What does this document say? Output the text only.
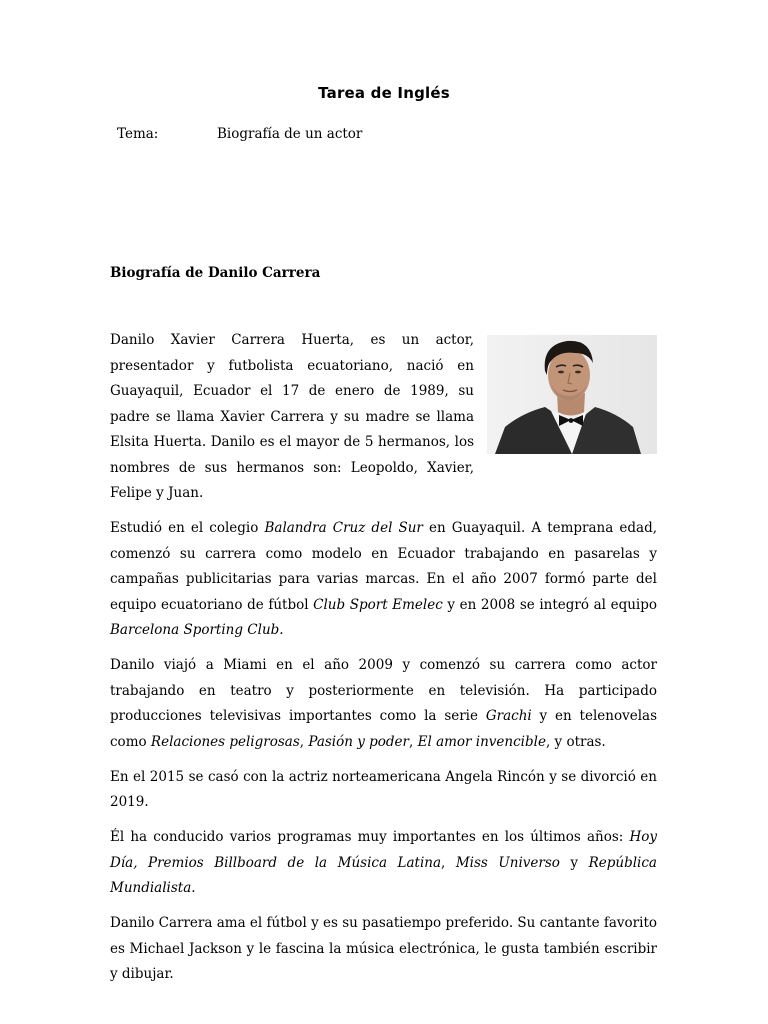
Tarea de Inglés
Tema:	Biografía de un actor
Biografía de Danilo Carrera

Danilo Xavier Carrera Huerta, es un actor, presentador y futbolista ecuatoriano, nació en Guayaquil, Ecuador el 17 de enero de 1989, su padre se llama Xavier Carrera y su madre se llama Elsita Huerta. Danilo es el mayor de 5 hermanos, los nombres de sus hermanos son: Leopoldo, Xavier, Felipe y Juan.

Estudió en el colegio Balandra Cruz del Sur en Guayaquil. A temprana edad, comenzó su carrera como modelo en Ecuador trabajando en pasarelas y campañas publicitarias para varias marcas. En el año 2007 formó parte del equipo ecuatoriano de fútbol Club Sport Emelec y en 2008 se integró al equipo Barcelona Sporting Club.

Danilo viajó a Miami en el año 2009 y comenzó su carrera como actor trabajando en teatro y posteriormente en televisión. Ha participado producciones televisivas importantes como la serie Grachi y en telenovelas como Relaciones peligrosas, Pasión y poder, El amor invencible, y otras.

En el 2015 se casó con la actriz norteamericana Angela Rincón y se divorció en 2019.

Él ha conducido varios programas muy importantes en los últimos años: Hoy Día, Premios Billboard de la Música Latina, Miss Universo y República Mundialista.

Danilo Carrera ama el fútbol y es su pasatiempo preferido. Su cantante favorito es Michael Jackson y le fascina la música electrónica, le gusta también escribir y dibujar.
